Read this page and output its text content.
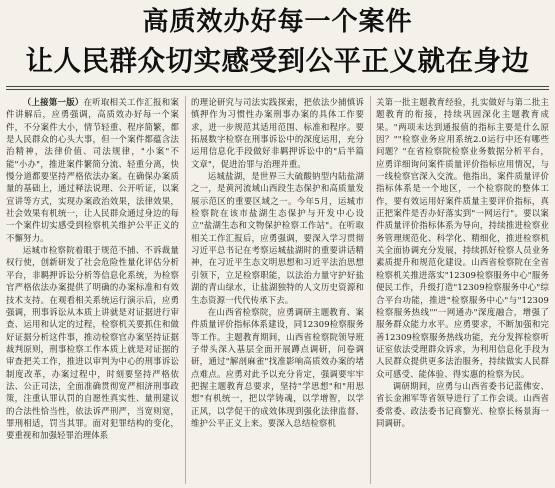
高质效办好每一个案件
让人民群众切实感受到公平正义就在身边

（上接第一版）在听取相关工作汇报和案件讲解后，应勇强调，高质效办好每一个案件，不分案件大小，情节轻重、程序简繁，都是人民群众的心头大事，但一个案件都蕴含法治精神，法律价值、司法规律，"小案"不能"小办"，推进案件繁简分流、轻重分离，快慢分道都要坚持严格依法办案。在确保办案质量的基础上，通过释法说理、公开听证，以案宣讲等方式，实现办案政治效果，法律效果，社会效果有机统一，让人民群众通过身边的每一个案件切实感受到检察机关维护公平正义的不懈努力。

运城市检察院着眼于规范不捕、不诉裁量权行使，创新研发了社会危险性量化评估分析平台，非羁押诉讼分析等信息化系统，为检察官严格依法办案提供了明确的办案标准和有效技术支持。在观看相关系统运行演示后，应勇强调，刑事诉讼从本质上讲就是对证据进行审查、运用和认定的过程，检察机关要抓住和做好证据分析这件事，推动检察官办案坚持证据裁判原则，刑事检察工作本质上就是对证据的审查把关工作，推进以审判为中心的刑事诉讼制度改革，办案过程中，时刻要坚持严格依法、公正司法，全面准确贯彻宽严相济刑事政策，注重认罪认罚的自愿性真实性、量刑建议的合法性恰当性，依法诉严刑严，当宽则宽，罪刑相适，罚当其罪。面对犯罪结构的变化，要重视和加强轻罪治理体系

的理论研究与司法实践探索，把依法少捕慎诉慎押作为习惯性办案刑事办案的具体工作要求，进一步规范其适用范围、标准和程序。要拓展数字检察在刑事诉讼中的深度运用，充分运用信息化手段做好非羁押诉讼中的"后半篇文章"，促进治罪与治理并重。

运城盐湖，是世界三大硫酸钠型内陆盐湖之一，是黄河流域山西段生态保护和高质量发展示范区的重要区域之一。今年5月，运城市检察院在该市盐湖生态保护与开发中心设立"盐湖生态和文物保护检察工作站"。在听取相关工作汇报后，应勇强调，要深入学习贯彻习近平总书记在考察运城盐湖时的重要讲话精神，在习近平生态文明思想和习近平法治思想引领下，立足检察职能，以法治力量守护好盐湖的青山绿水，让盐湖独特的人文历史资源和生态资源一代代传承下去。

在山西省检察院，应勇调研主题教育、案件质量评价指标体系建设，同12309检察服务等工作。主题教育期间，山西省检察院领导班子带头深入基层全面开展蹲点调研，问卷调研，通过"解剖麻雀"找准影响高质效办案的堵点难点。应勇对此予以充分肯定，强调要牢牢把握主题教育总要求，坚持"学思想"和"用思想"有机统一，把以学铸魂，以学增智，以学正风，以学促干的成效体现到强化法律监督、维护公平正义上来。要深入总结检察机

关第一批主题教育经验，扎实做好与第二批主题教育的衔接，持续巩固深化主题教育成果。"两项未达到通报值的指标主要是什么原因？""检察业务应用系统2.0运行中还有哪些问题？"在省检察院检察业务数据分析平台，应勇详细询问案件质量评价指标应用情况，与一线检察官深入交流。他指出，案件质量评价指标体系是一个地区，一个检察院的整体工作，要有效运用好案件质量主要评价指标，真正把案件是否办好落实到"一网运行"。要以案件质量评价指标体系为导向，持续推进检察业务管理规范化、科学化、精细化，推进检察机关全面协调充分发展，持续抓好检察人员业务素质提升和规范化建设。山西省检察院在全省检察机关推进落实"12309检察服务中心"服务便民工作，升级打造"12309检察服务中心"综合平台功能，推进"检察服务中心"与"12309检察服务热线""一网通办"深度融合，增强了服务群众能力水平。应勇要求，不断加强和完善12309检察服务热线功能，充分发挥检察听证室依法受理群众诉求，为利用信息化手段为人民群众提供更多法治服务，持续做实人民群众可感受、能体验、得实惠的检察为民。

调研期间，应勇与山西省委书记蓝佛安、省长金湘军等省领导进行了工作会谈。山西省委常委、政法委书记商黎光、检察长杨景海一同调研。
